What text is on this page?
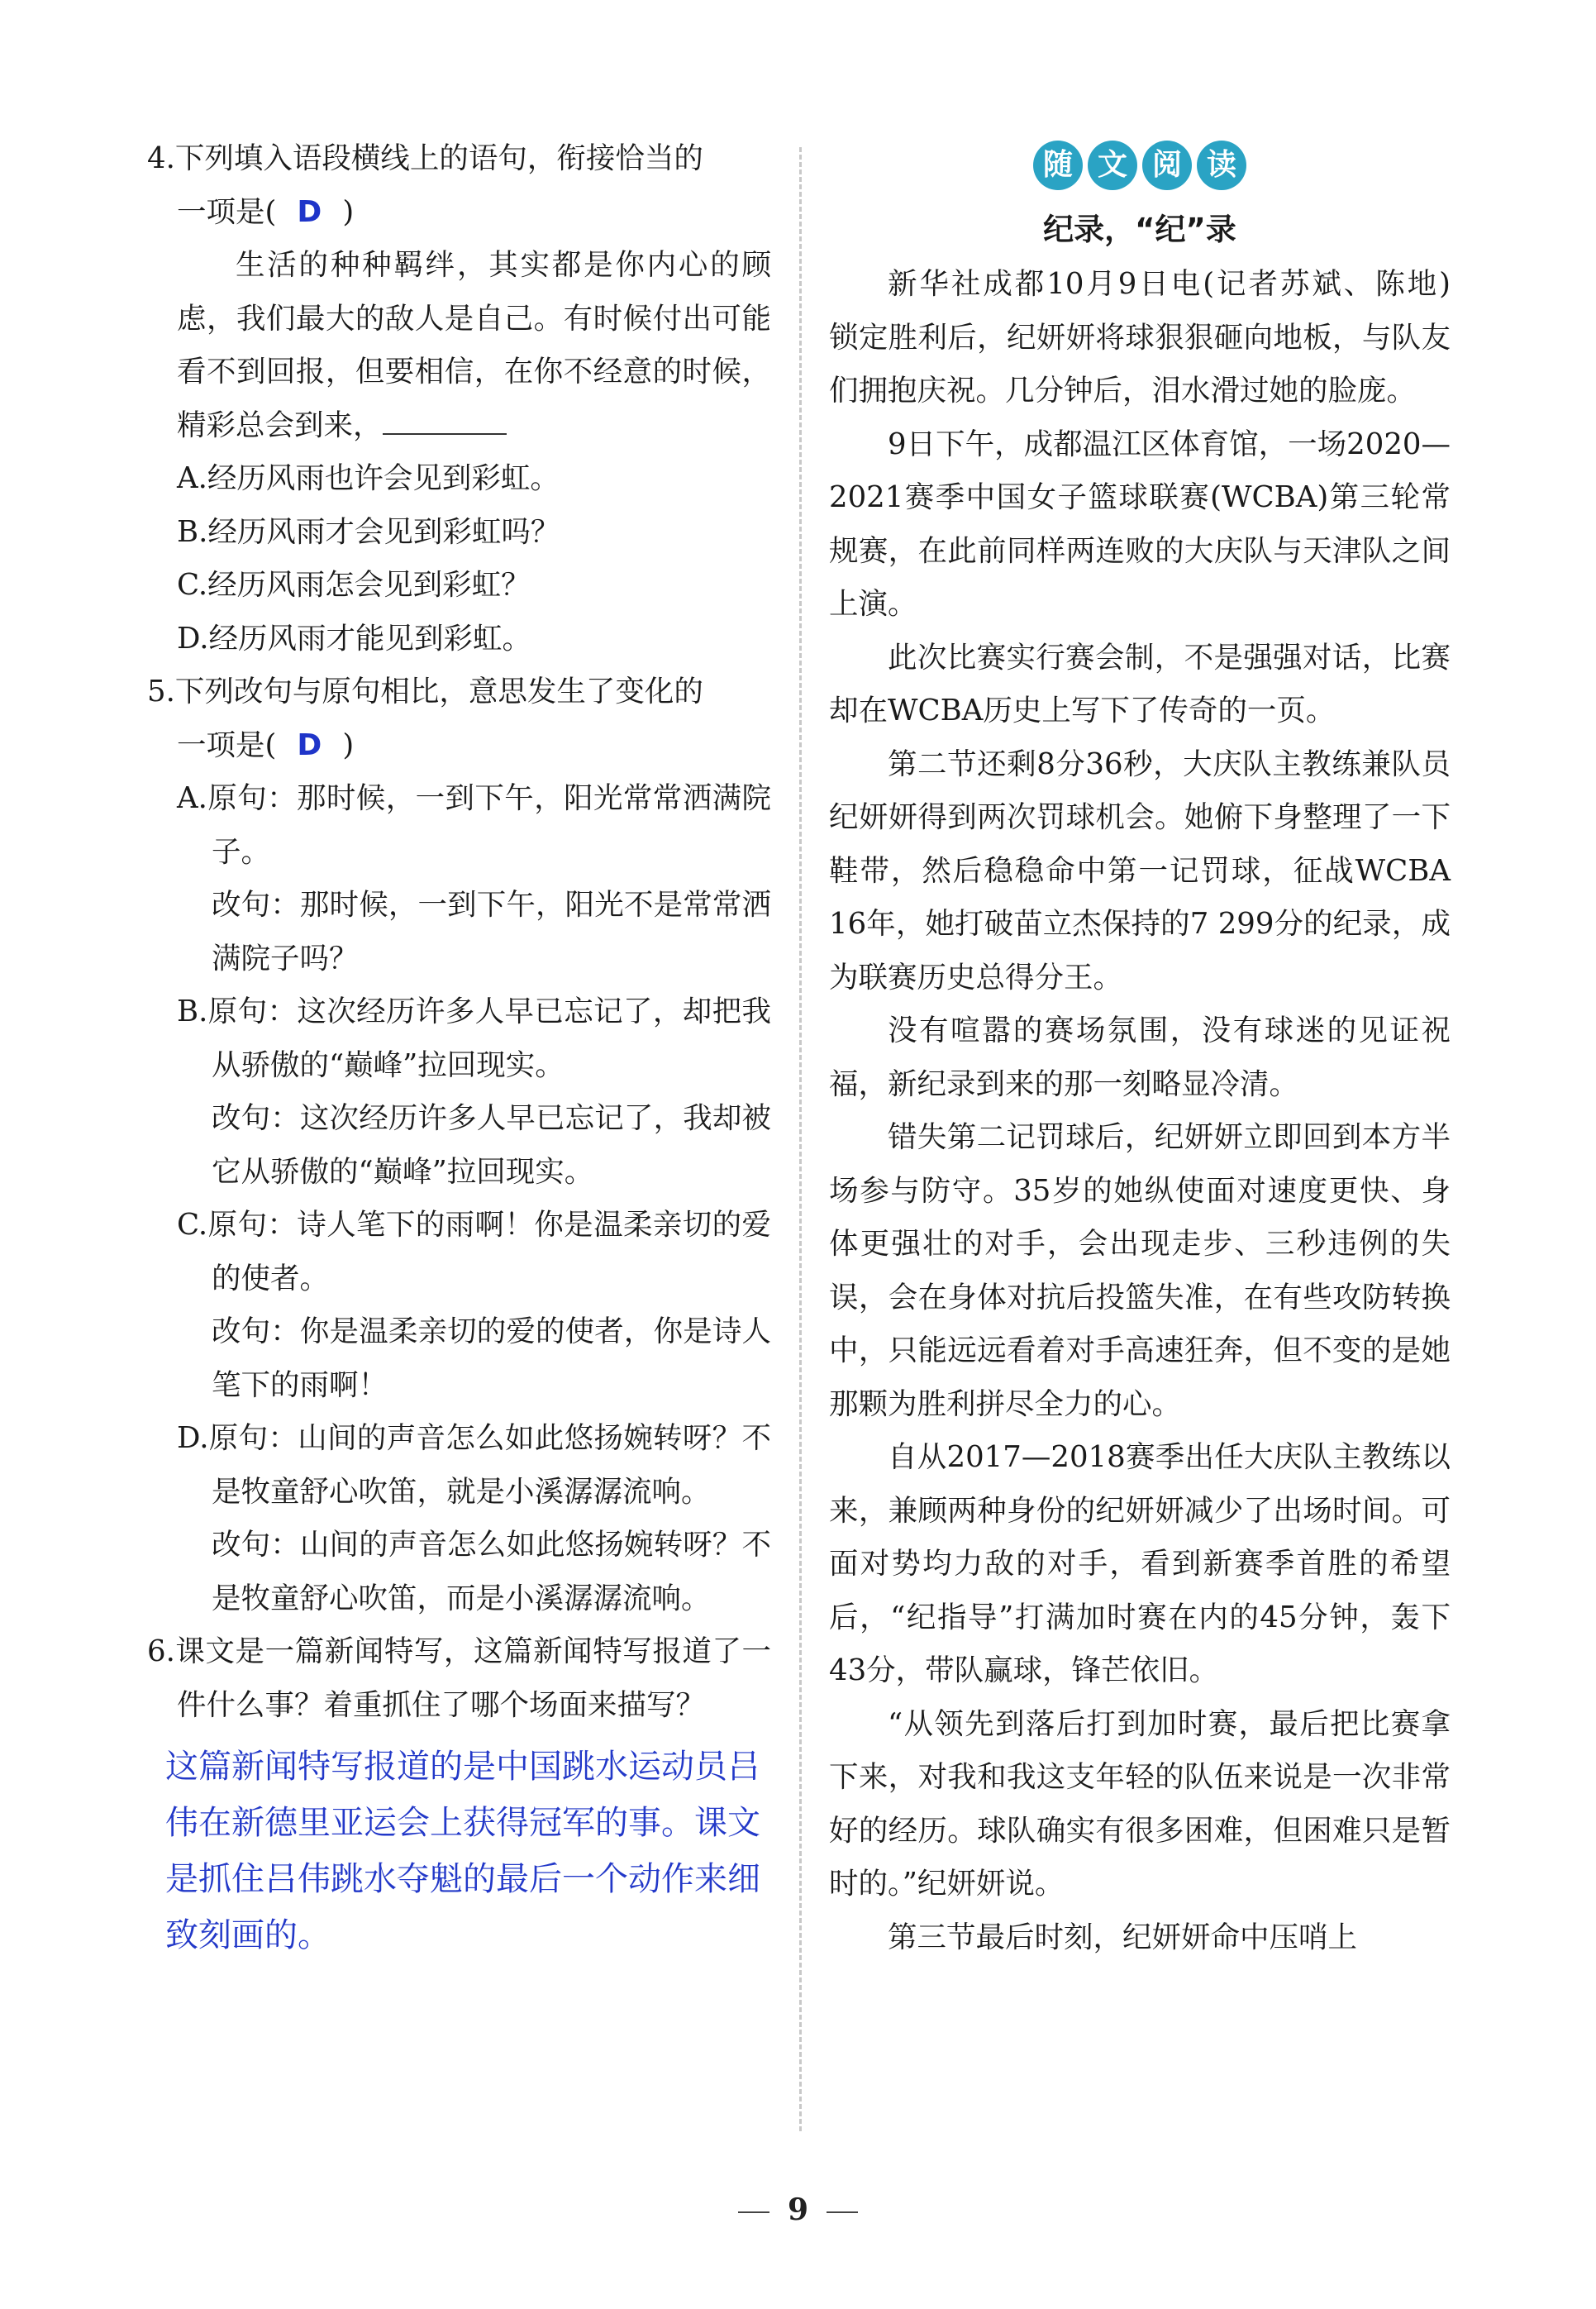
4.下列填入语段横线上的语句，衔接恰当的

一项是( D )

生活的种种羁绊，其实都是你内心的顾虑，我们最大的敌人是自己。有时候付出可能看不到回报，但要相信，在你不经意的时候，精彩总会到来，

A.经历风雨也许会见到彩虹。

B.经历风雨才会见到彩虹吗？

C.经历风雨怎会见到彩虹？

D.经历风雨才能见到彩虹。

5.下列改句与原句相比，意思发生了变化的

一项是( D )

A.原句：那时候，一到下午，阳光常常洒满院子。

改句：那时候，一到下午，阳光不是常常洒满院子吗？

B.原句：这次经历许多人早已忘记了，却把我从骄傲的“巅峰”拉回现实。

改句：这次经历许多人早已忘记了，我却被它从骄傲的“巅峰”拉回现实。

C.原句：诗人笔下的雨啊！你是温柔亲切的爱的使者。

改句：你是温柔亲切的爱的使者，你是诗人笔下的雨啊！

D.原句：山间的声音怎么如此悠扬婉转呀？不是牧童舒心吹笛，就是小溪潺潺流响。

改句：山间的声音怎么如此悠扬婉转呀？不是牧童舒心吹笛，而是小溪潺潺流响。

6.课文是一篇新闻特写，这篇新闻特写报道了一件什么事？着重抓住了哪个场面来描写？

这篇新闻特写报道的是中国跳水运动员吕伟在新德里亚运会上获得冠军的事。课文是抓住吕伟跳水夺魁的最后一个动作来细致刻画的。

随 文 阅 读

纪录，“纪”录

新华社成都10月9日电(记者苏斌、陈地)　锁定胜利后，纪妍妍将球狠狠砸向地板，与队友们拥抱庆祝。几分钟后，泪水滑过她的脸庞。

9日下午，成都温江区体育馆，一场2020—2021赛季中国女子篮球联赛(WCBA)第三轮常规赛，在此前同样两连败的大庆队与天津队之间上演。

此次比赛实行赛会制，不是强强对话，比赛却在WCBA历史上写下了传奇的一页。

第二节还剩8分36秒，大庆队主教练兼队员纪妍妍得到两次罚球机会。她俯下身整理了一下鞋带，然后稳稳命中第一记罚球，征战WCBA 16年，她打破苗立杰保持的7 299分的纪录，成为联赛历史总得分王。

没有喧嚣的赛场氛围，没有球迷的见证祝福，新纪录到来的那一刻略显冷清。

错失第二记罚球后，纪妍妍立即回到本方半场参与防守。35岁的她纵使面对速度更快、身体更强壮的对手，会出现走步、三秒违例的失误，会在身体对抗后投篮失准，在有些攻防转换中，只能远远看着对手高速狂奔，但不变的是她那颗为胜利拼尽全力的心。

自从2017—2018赛季出任大庆队主教练以来，兼顾两种身份的纪妍妍减少了出场时间。可面对势均力敌的对手，看到新赛季首胜的希望后，“纪指导”打满加时赛在内的45分钟，轰下43分，带队赢球，锋芒依旧。

“从领先到落后打到加时赛，最后把比赛拿下来，对我和我这支年轻的队伍来说是一次非常好的经历。球队确实有很多困难，但困难只是暂时的。”纪妍妍说。

第三节最后时刻，纪妍妍命中压哨上

9
